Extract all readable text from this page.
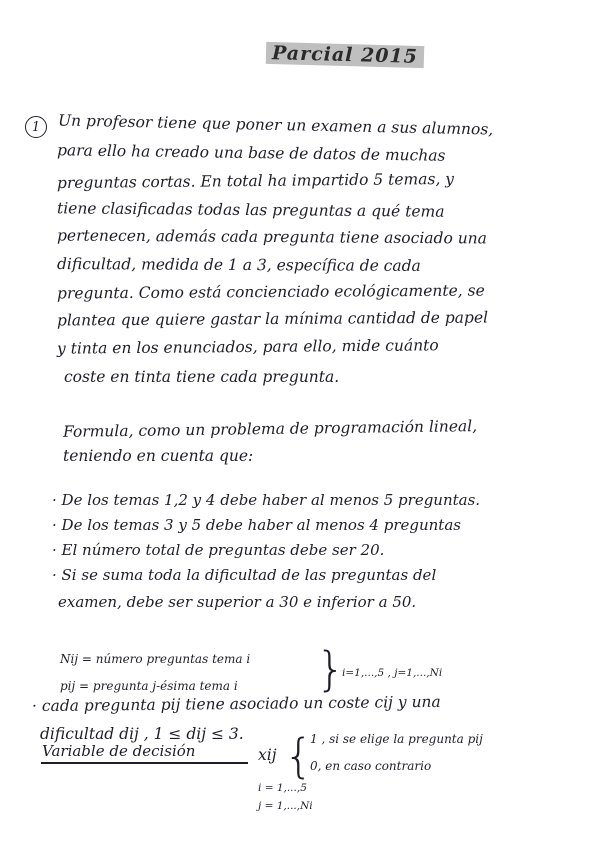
Parcial 2015
1	Un profesor tiene que poner un examen a sus alumnos,
para ello ha creado una base de datos de muchas
preguntas cortas. En total ha impartido 5 temas, y
tiene clasificadas todas las preguntas a qué tema
pertenecen, además cada pregunta tiene asociado una
dificultad, medida de 1 a 3, específica de cada
pregunta. Como está concienciado ecológicamente, se
plantea que quiere gastar la mínima cantidad de papel
y tinta en los enunciados, para ello, mide cuánto
coste en tinta tiene cada pregunta.
Formula, como un problema de programación lineal,
teniendo en cuenta que:
· De los temas 1,2 y 4 debe haber al menos 5 preguntas.
· De los temas 3 y 5 debe haber al menos 4 preguntas
· El número total de preguntas debe ser 20.
· Si se suma toda la dificultad de las preguntas del
examen, debe ser superior a 30 e inferior a 50.
Nij = número preguntas tema i
pij = pregunta j-ésima tema i }
i=1,...,5 , j=1,...,Ni
· cada pregunta pij tiene asociado un coste cij y una
dificultad dij , 1 ≤ dij ≤ 3.
Variable de decisión	xij {
1 , si se elige la pregunta pij
0, en caso contrario
i = 1,...,5
j = 1,...,Ni
